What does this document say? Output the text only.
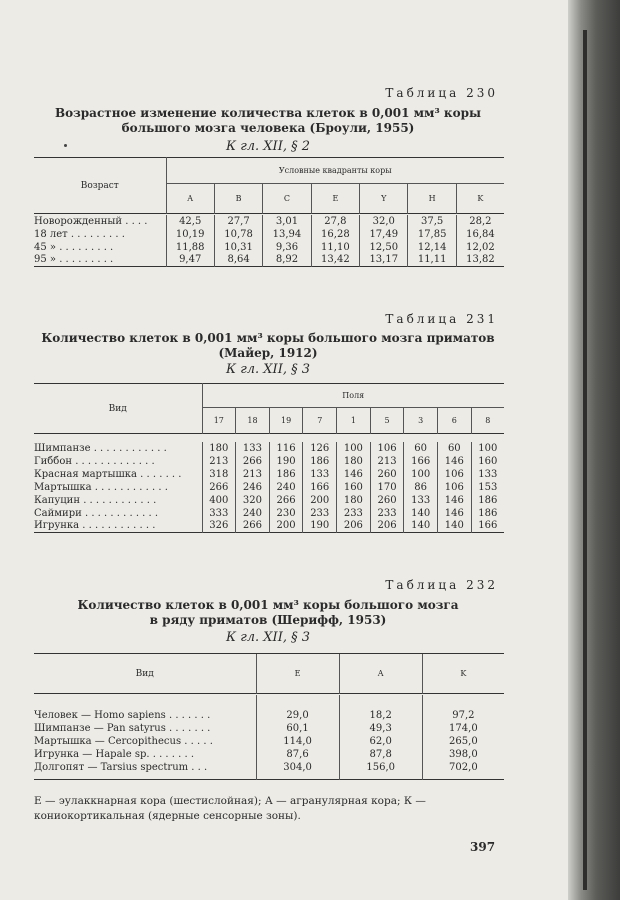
Таблица 230
Возрастное изменение количества клеток в 0,001 мм³ коры
большого мозга человека (Броули, 1955)
К гл. XII, § 2
Возраст	Условные квадранты коры						
	A	B	C	E	Y	H	K

Новорожденный . . . .	42,5	27,7	3,01	27,8	32,0	37,5	28,2
18 лет . . . . . . . . .	10,19	10,78	13,94	16,28	17,49	17,85	16,84
45 » . . . . . . . . .	11,88	10,31	9,36	11,10	12,50	12,14	12,02
95 » . . . . . . . . .	9,47	8,64	8,92	13,42	13,17	11,11	13,82

Таблица 231
Количество клеток в 0,001 мм³ коры большого мозга приматов
(Майер, 1912)
К гл. XII, § 3
Вид	Поля								
	17	18	19	7	1	5	3	6	8

Шимпанзе . . . . . . . . . . . .	180	133	116	126	100	106	60	60	100
Гиббон . . . . . . . . . . . . .	213	266	190	186	180	213	166	146	160
Красная мартышка . . . . . . .	318	213	186	133	146	260	100	106	133
Мартышка . . . . . . . . . . . .	266	246	240	166	160	170	86	106	153
Капуцин . . . . . . . . . . . .	400	320	266	200	180	260	133	146	186
Саймири . . . . . . . . . . . .	333	240	230	233	233	233	140	146	186
Игрунка . . . . . . . . . . . .	326	266	200	190	206	206	140	140	166

Таблица 232
Количество клеток в 0,001 мм³ коры большого мозга
в ряду приматов (Шерифф, 1953)
К гл. XII, § 3
Вид	E	A	K

Человек — Homo sapiens . . . . . . .	29,0	18,2	97,2
Шимпанзе — Pan satyrus . . . . . . .	60,1	49,3	174,0
Мартышка — Cercopithecus . . . . .	114,0	62,0	265,0
Игрунка — Hapale sp. . . . . . . .	87,6	87,8	398,0
Долгопят — Tarsius spectrum . . .	304,0	156,0	702,0

Е — эулаккнарная кора (шестислойная); А — агранулярная кора; К — кониокортикальная (ядерные сенсорные зоны).
397
